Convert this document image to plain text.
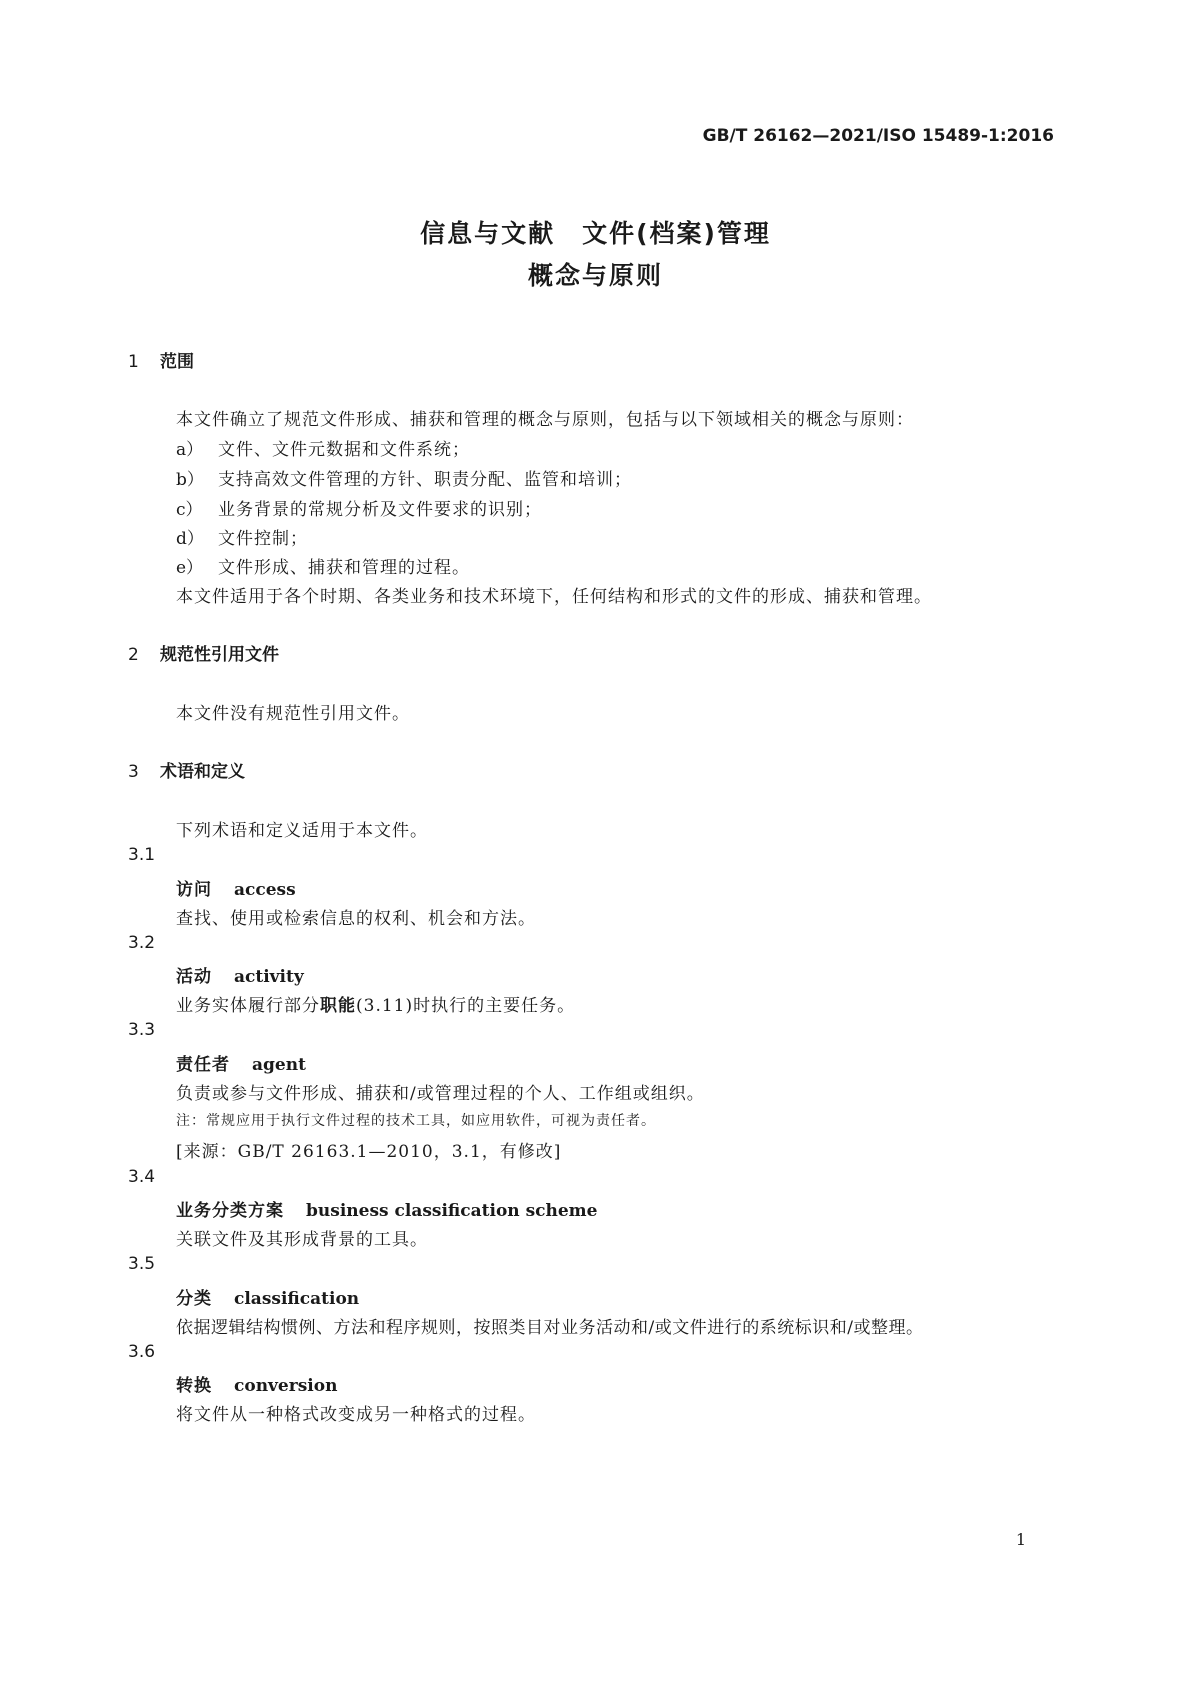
GB/T 26162—2021/ISO 15489-1:2016
信息与文献　文件(档案)管理
概念与原则
1 范围
本文件确立了规范文件形成、捕获和管理的概念与原则，包括与以下领域相关的概念与原则：
a） 文件、文件元数据和文件系统；
b） 支持高效文件管理的方针、职责分配、监管和培训；
c） 业务背景的常规分析及文件要求的识别；
d） 文件控制；
e） 文件形成、捕获和管理的过程。
本文件适用于各个时期、各类业务和技术环境下，任何结构和形式的文件的形成、捕获和管理。
2 规范性引用文件
本文件没有规范性引用文件。
3 术语和定义
下列术语和定义适用于本文件。
3.1
访问 access
查找、使用或检索信息的权利、机会和方法。
3.2
活动 activity
业务实体履行部分职能(3.11)时执行的主要任务。
3.3
责任者 agent
负责或参与文件形成、捕获和/或管理过程的个人、工作组或组织。
注：常规应用于执行文件过程的技术工具，如应用软件，可视为责任者。
[来源：GB/T 26163.1—2010，3.1，有修改]
3.4
业务分类方案 business classification scheme
关联文件及其形成背景的工具。
3.5
分类 classification
依据逻辑结构惯例、方法和程序规则，按照类目对业务活动和/或文件进行的系统标识和/或整理。
3.6
转换 conversion
将文件从一种格式改变成另一种格式的过程。
1
